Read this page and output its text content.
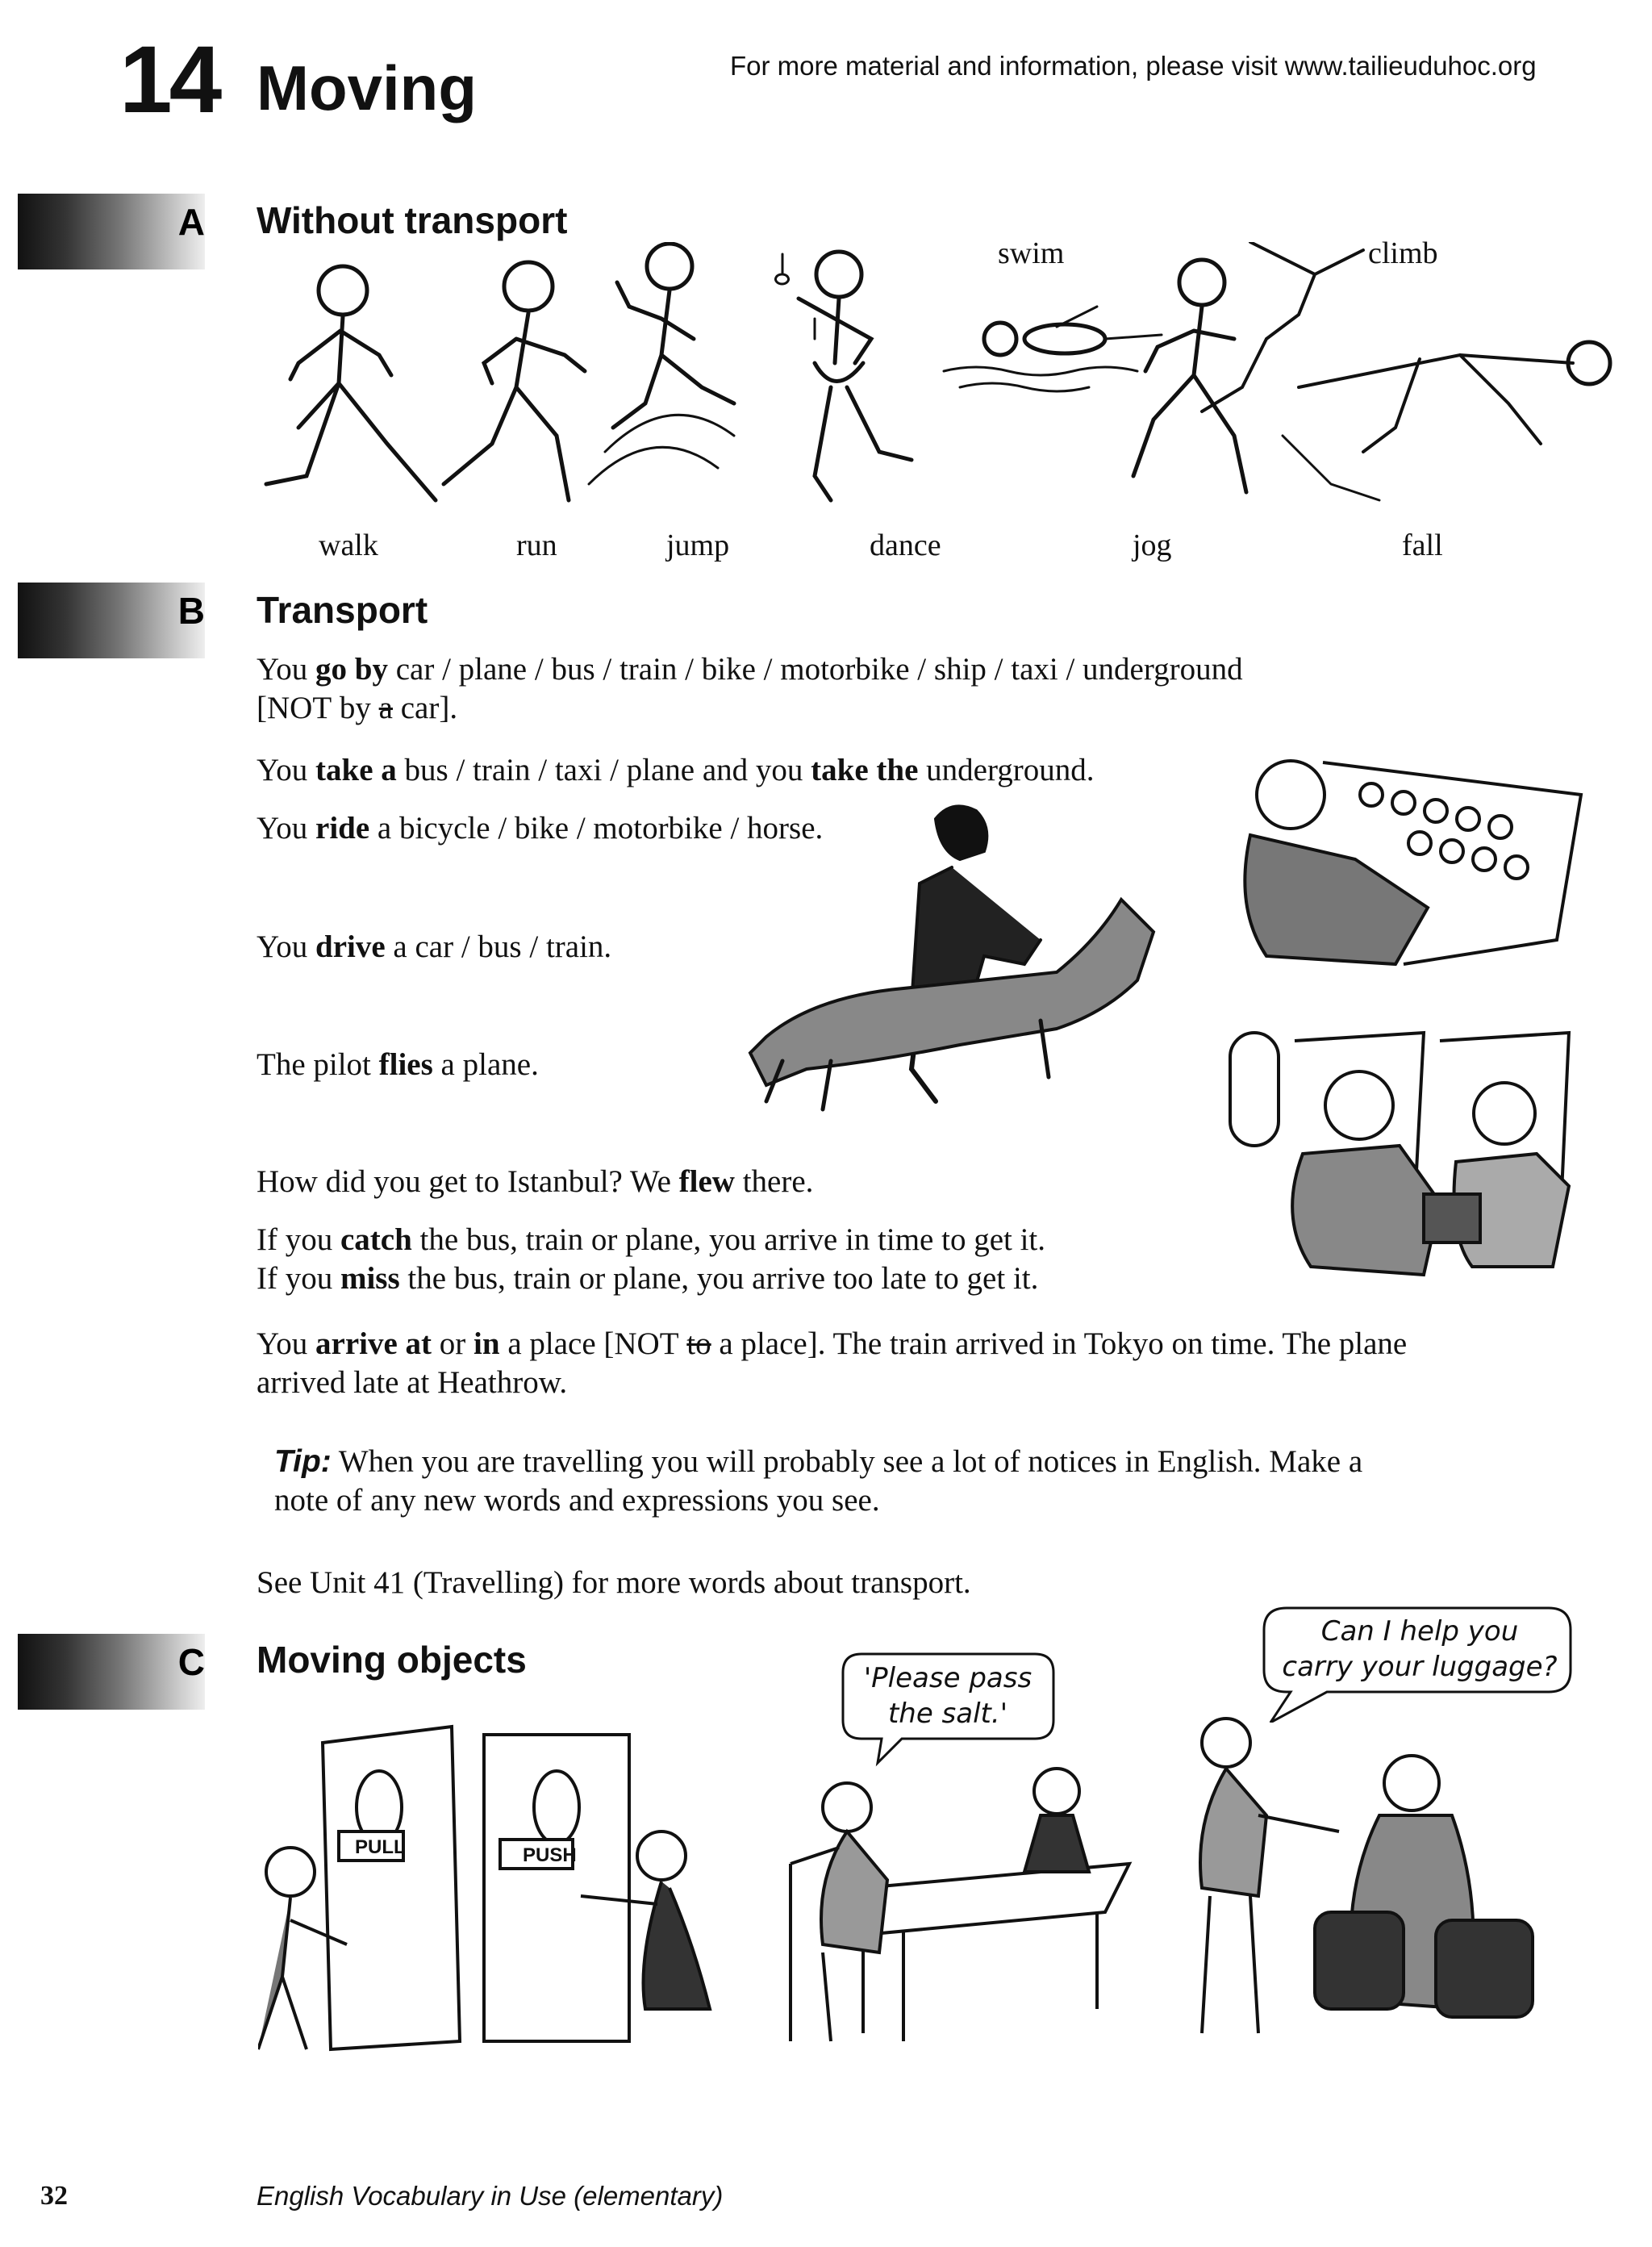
14 Moving	For more material and information, please visit www.tailieuduhoc.org
A Without transport
walk	run	jump	dance	jog	fall
swim	climb
B Transport
You go by car / plane / bus / train / bike / motorbike / ship / taxi / underground
[NOT by a car].
You take a bus / train / taxi / plane and you take the underground.
You ride a bicycle / bike / motorbike / horse.
You drive a car / bus / train.
The pilot flies a plane.
How did you get to Istanbul? We flew there.
If you catch the bus, train or plane, you arrive in time to get it.
If you miss the bus, train or plane, you arrive too late to get it.
You arrive at or in a place [NOT to a place]. The train arrived in Tokyo on time. The plane
arrived late at Heathrow.
Tip: When you are travelling you will probably see a lot of notices in English. Make a
note of any new words and expressions you see.
See Unit 41 (Travelling) for more words about transport.
C Moving objects
PULL	PUSH
'Please pass
the salt.'
Can I help you
carry your luggage?
32	English Vocabulary in Use (elementary)
